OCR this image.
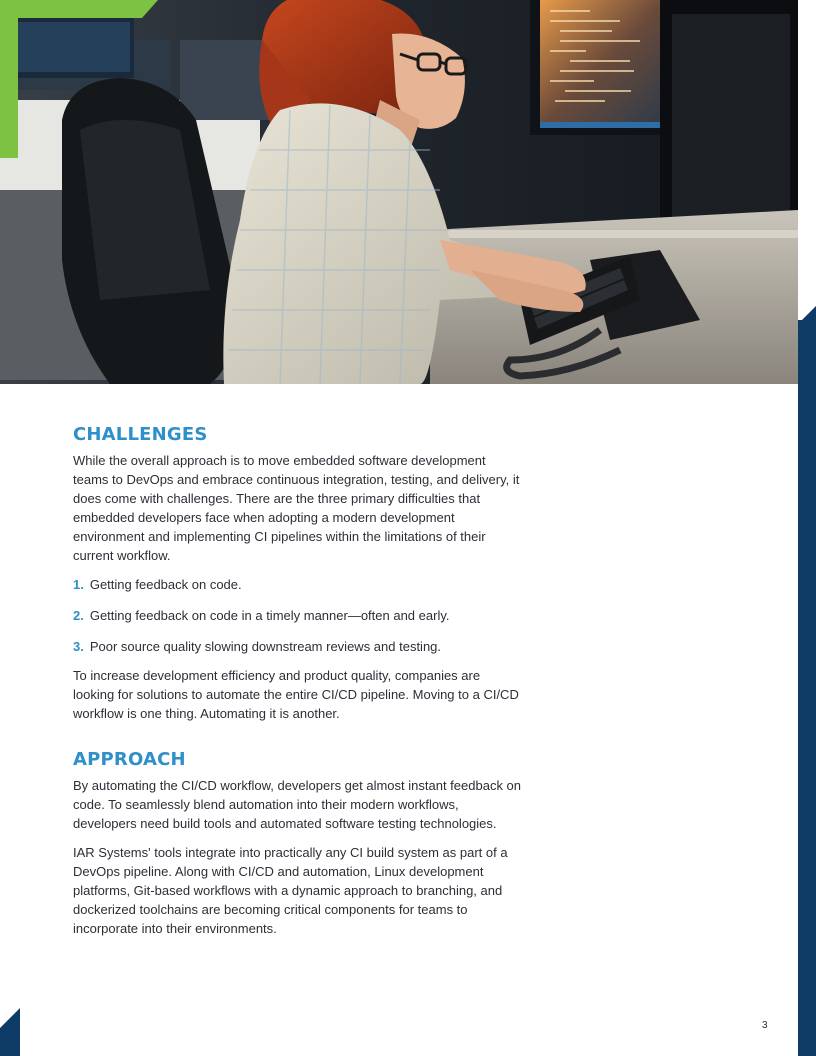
CHALLENGES

While the overall approach is to move embedded software development teams to DevOps and embrace continuous integration, testing, and delivery, it does come with challenges. There are the three primary difficulties that embedded developers face when adopting a modern development environment and implementing CI pipelines within the limitations of their current workflow.

1. Getting feedback on code.
2. Getting feedback on code in a timely manner—often and early.
3. Poor source quality slowing downstream reviews and testing.

To increase development efficiency and product quality, companies are looking for solutions to automate the entire CI/CD pipeline. Moving to a CI/CD workflow is one thing. Automating it is another.

APPROACH

By automating the CI/CD workflow, developers get almost instant feedback on code. To seamlessly blend automation into their modern workflows, developers need build tools and automated software testing technologies.

IAR Systems' tools integrate into practically any CI build system as part of a DevOps pipeline. Along with CI/CD and automation, Linux development platforms, Git-based workflows with a dynamic approach to branching, and dockerized toolchains are becoming critical components for teams to incorporate into their environments.

3
